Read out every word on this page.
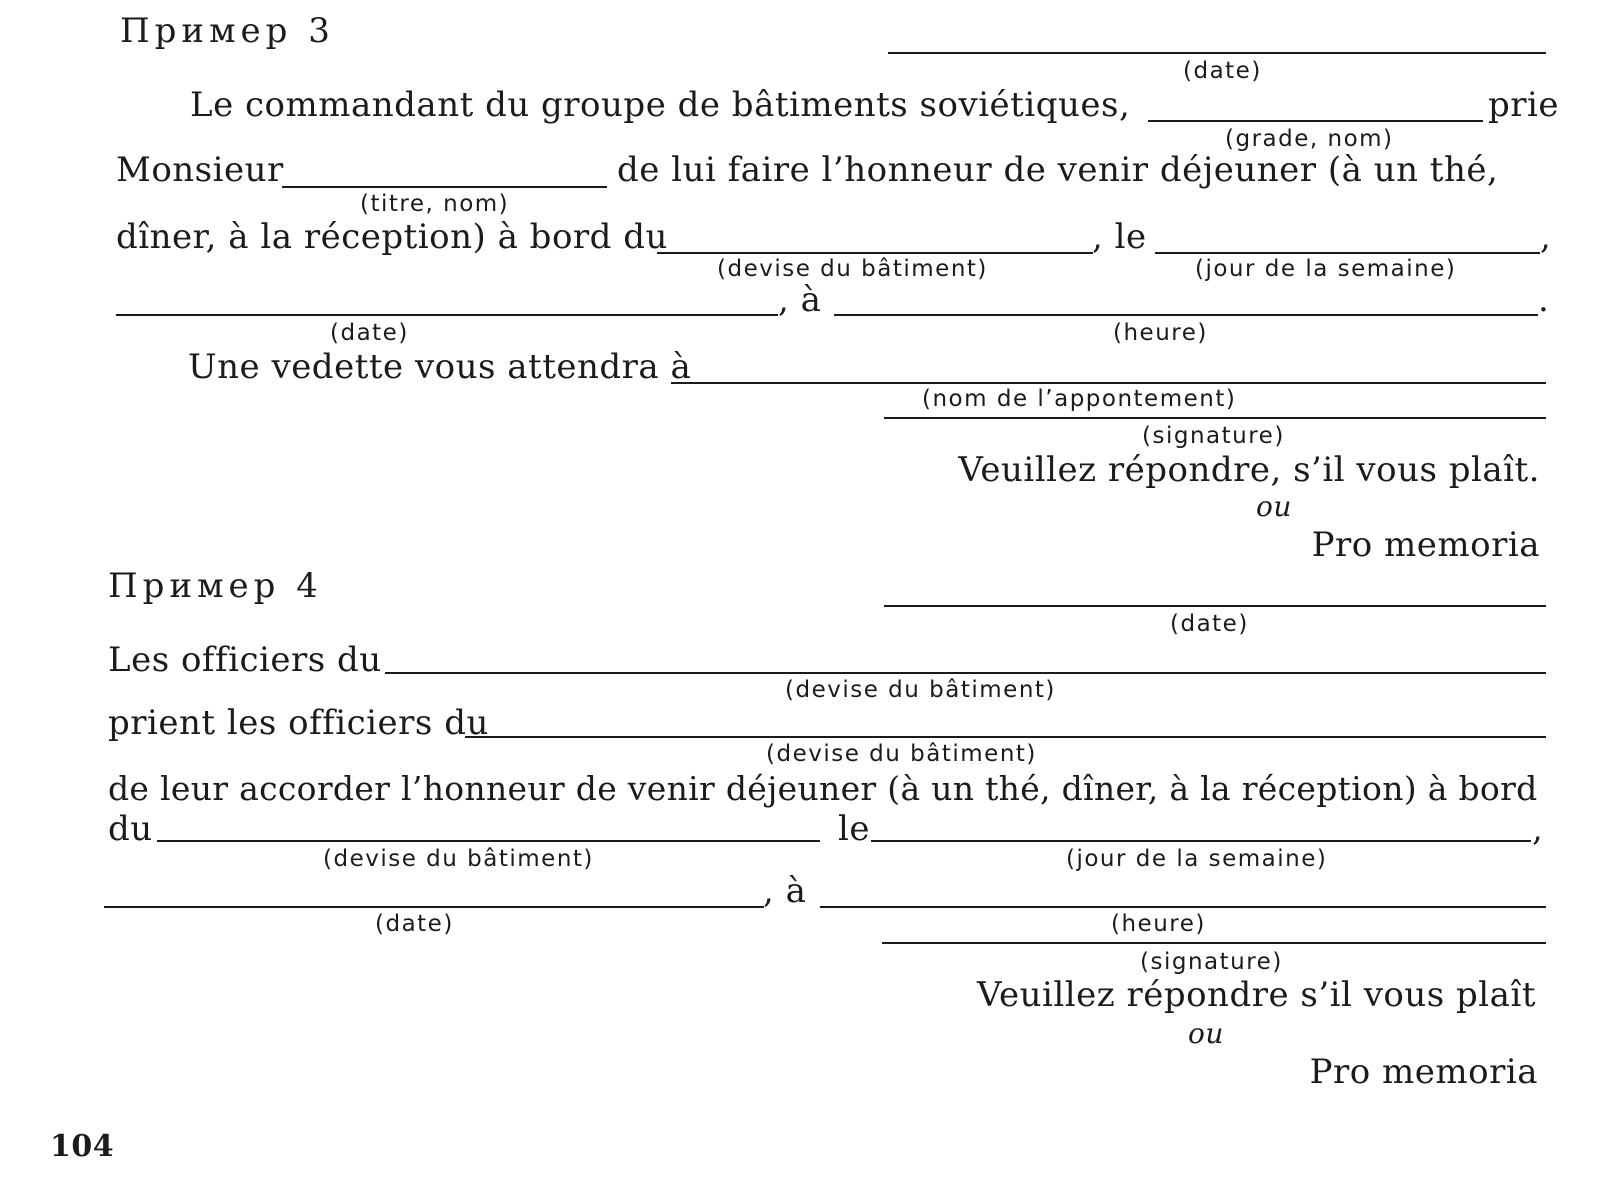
Пример 3
(date)
Le commandant du groupe de bâtiments soviétiques,	prie
(grade, nom)
Monsieur	de lui faire l’honneur de venir déjeuner (à un thé,
(titre, nom)
dîner, à la réception) à bord du	, le	,
(devise du bâtiment)	(jour de la semaine)
, à	.
(date)	(heure)
Une vedette vous attendra à
(nom de l’appontement)
(signature)
Veuillez répondre, s’il vous plaît.
ou
Pro memoria
Пример 4
(date)
Les officiers du
(devise du bâtiment)
prient les officiers du
(devise du bâtiment)
de leur accorder l’honneur de venir déjeuner (à un thé, dîner, à la réception) à bord
du	le	,
(devise du bâtiment)	(jour de la semaine)
, à
(date)	(heure)
(signature)
Veuillez répondre s’il vous plaît
ou
Pro memoria
104
